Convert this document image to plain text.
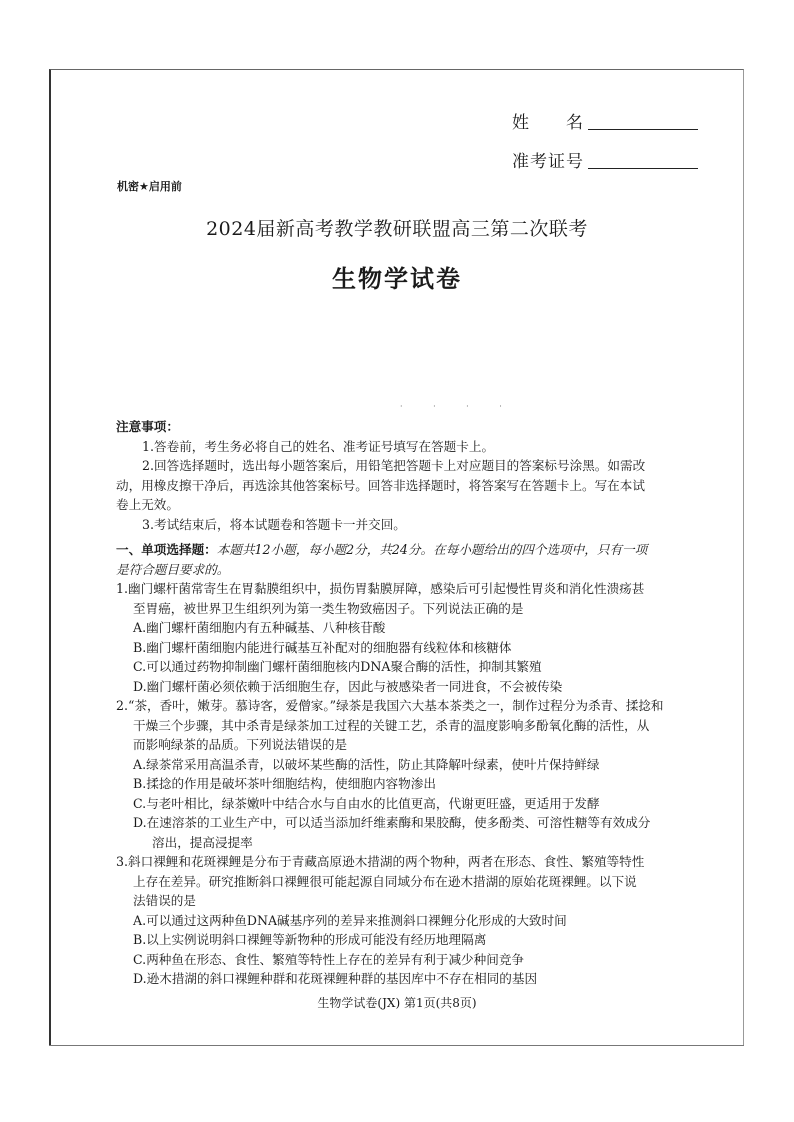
姓　　名
准考证号
机密★启用前
2024届新高考教学教研联盟高三第二次联考
生物学试卷
· · · ·

注意事项：

1.答卷前，考生务必将自己的姓名、准考证号填写在答题卡上。

2.回答选择题时，选出每小题答案后，用铅笔把答题卡上对应题目的答案标号涂黑。如需改

动，用橡皮擦干净后，再选涂其他答案标号。回答非选择题时，将答案写在答题卡上。写在本试

卷上无效。

3.考试结束后，将本试题卷和答题卡一并交回。

一、单项选择题：本题共12小题，每小题2分，共24分。在每小题给出的四个选项中，只有一项

是符合题目要求的。

1.幽门螺杆菌常寄生在胃黏膜组织中，损伤胃黏膜屏障，感染后可引起慢性胃炎和消化性溃疡甚

至胃癌，被世界卫生组织列为第一类生物致癌因子。下列说法正确的是

A.幽门螺杆菌细胞内有五种碱基、八种核苷酸

B.幽门螺杆菌细胞内能进行碱基互补配对的细胞器有线粒体和核糖体

C.可以通过药物抑制幽门螺杆菌细胞核内DNA聚合酶的活性，抑制其繁殖

D.幽门螺杆菌必须依赖于活细胞生存，因此与被感染者一同进食，不会被传染

2.“茶，香叶，嫩芽。慕诗客，爱僧家。”绿茶是我国六大基本茶类之一，制作过程分为杀青、揉捻和

干燥三个步骤，其中杀青是绿茶加工过程的关键工艺，杀青的温度影响多酚氧化酶的活性，从

而影响绿茶的品质。下列说法错误的是

A.绿茶常采用高温杀青，以破坏某些酶的活性，防止其降解叶绿素，使叶片保持鲜绿

B.揉捻的作用是破坏茶叶细胞结构，使细胞内容物渗出

C.与老叶相比，绿茶嫩叶中结合水与自由水的比值更高，代谢更旺盛，更适用于发酵

D.在速溶茶的工业生产中，可以适当添加纤维素酶和果胶酶，使多酚类、可溶性糖等有效成分

溶出，提高浸提率

3.斜口裸鲤和花斑裸鲤是分布于青藏高原逊木措湖的两个物种，两者在形态、食性、繁殖等特性

上存在差异。研究推断斜口裸鲤很可能起源自同域分布在逊木措湖的原始花斑裸鲤。以下说

法错误的是

A.可以通过这两种鱼DNA碱基序列的差异来推测斜口裸鲤分化形成的大致时间

B.以上实例说明斜口裸鲤等新物种的形成可能没有经历地理隔离

C.两种鱼在形态、食性、繁殖等特性上存在的差异有利于减少种间竞争

D.逊木措湖的斜口裸鲤种群和花斑裸鲤种群的基因库中不存在相同的基因

生物学试卷(JX) 第1页(共8页)
